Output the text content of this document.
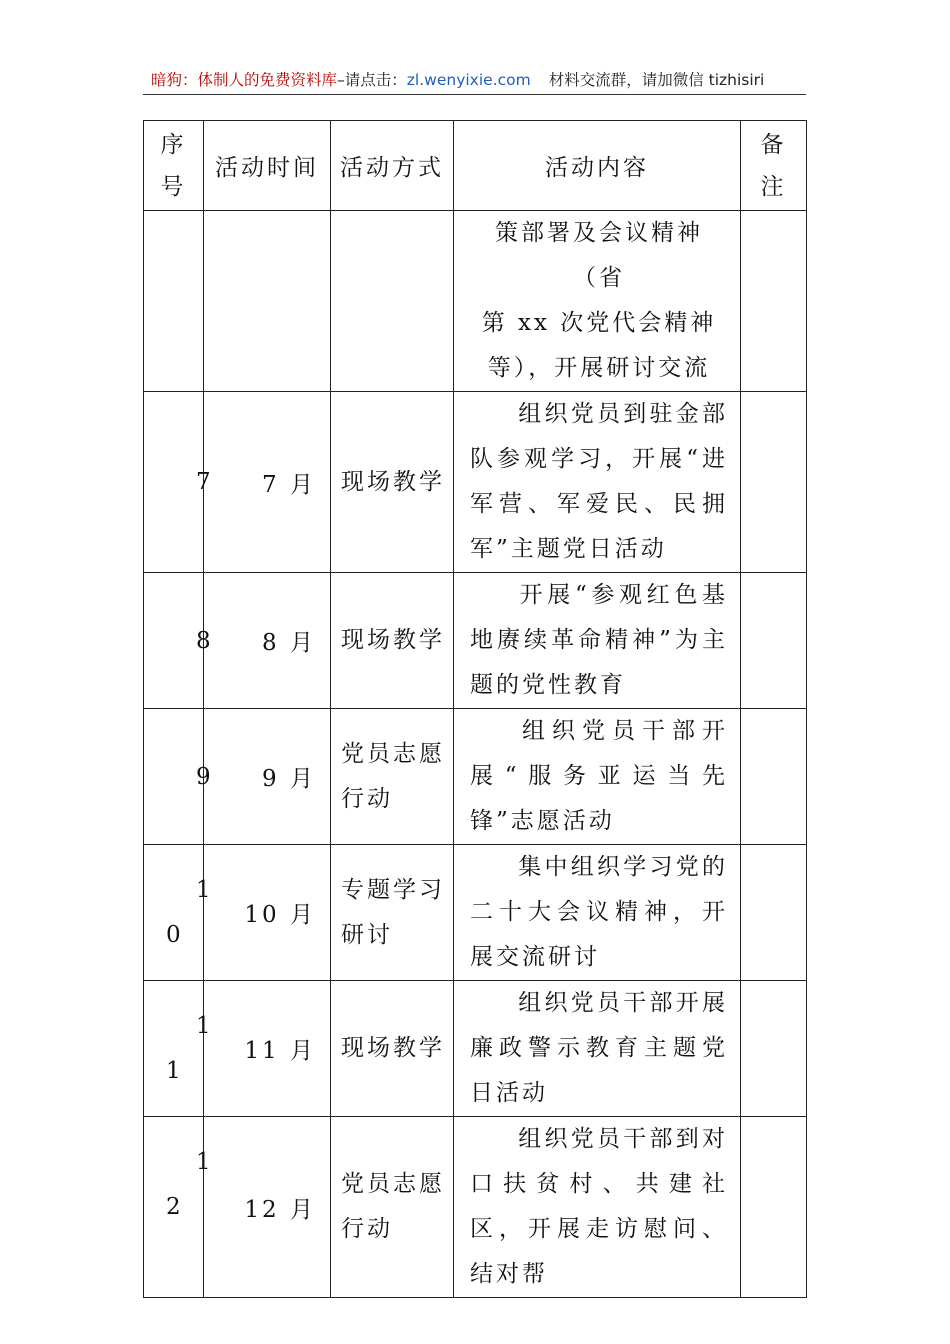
暗狗：体制人的免费资料库–请点击：zl.wenyixie.com 材料交流群，请加微信 tizhisiri
序
号	活动时间	活动方式	活动内容	备
注

			策部署及会议精神（省
第 xx 次党代会精神
等），开展研讨交流	

7	7 月	现场教学	组织党员到驻金部队参观学习，开展“进军营、军爱民、民拥军”主题党日活动	

8	8 月	现场教学	开展“参观红色基地赓续革命精神”为主题的党性教育	

9	9 月	党员志愿行动	组织党员干部开展“服务亚运当先锋”志愿活动	

1
0	10 月	专题学习研讨	集中组织学习党的二十大会议精神，开展交流研讨	

1
1	11 月	现场教学	组织党员干部开展廉政警示教育主题党日活动	

1
2	12 月	党员志愿行动	组织党员干部到对口扶贫村、共建社区，开展走访慰问、结对帮	
